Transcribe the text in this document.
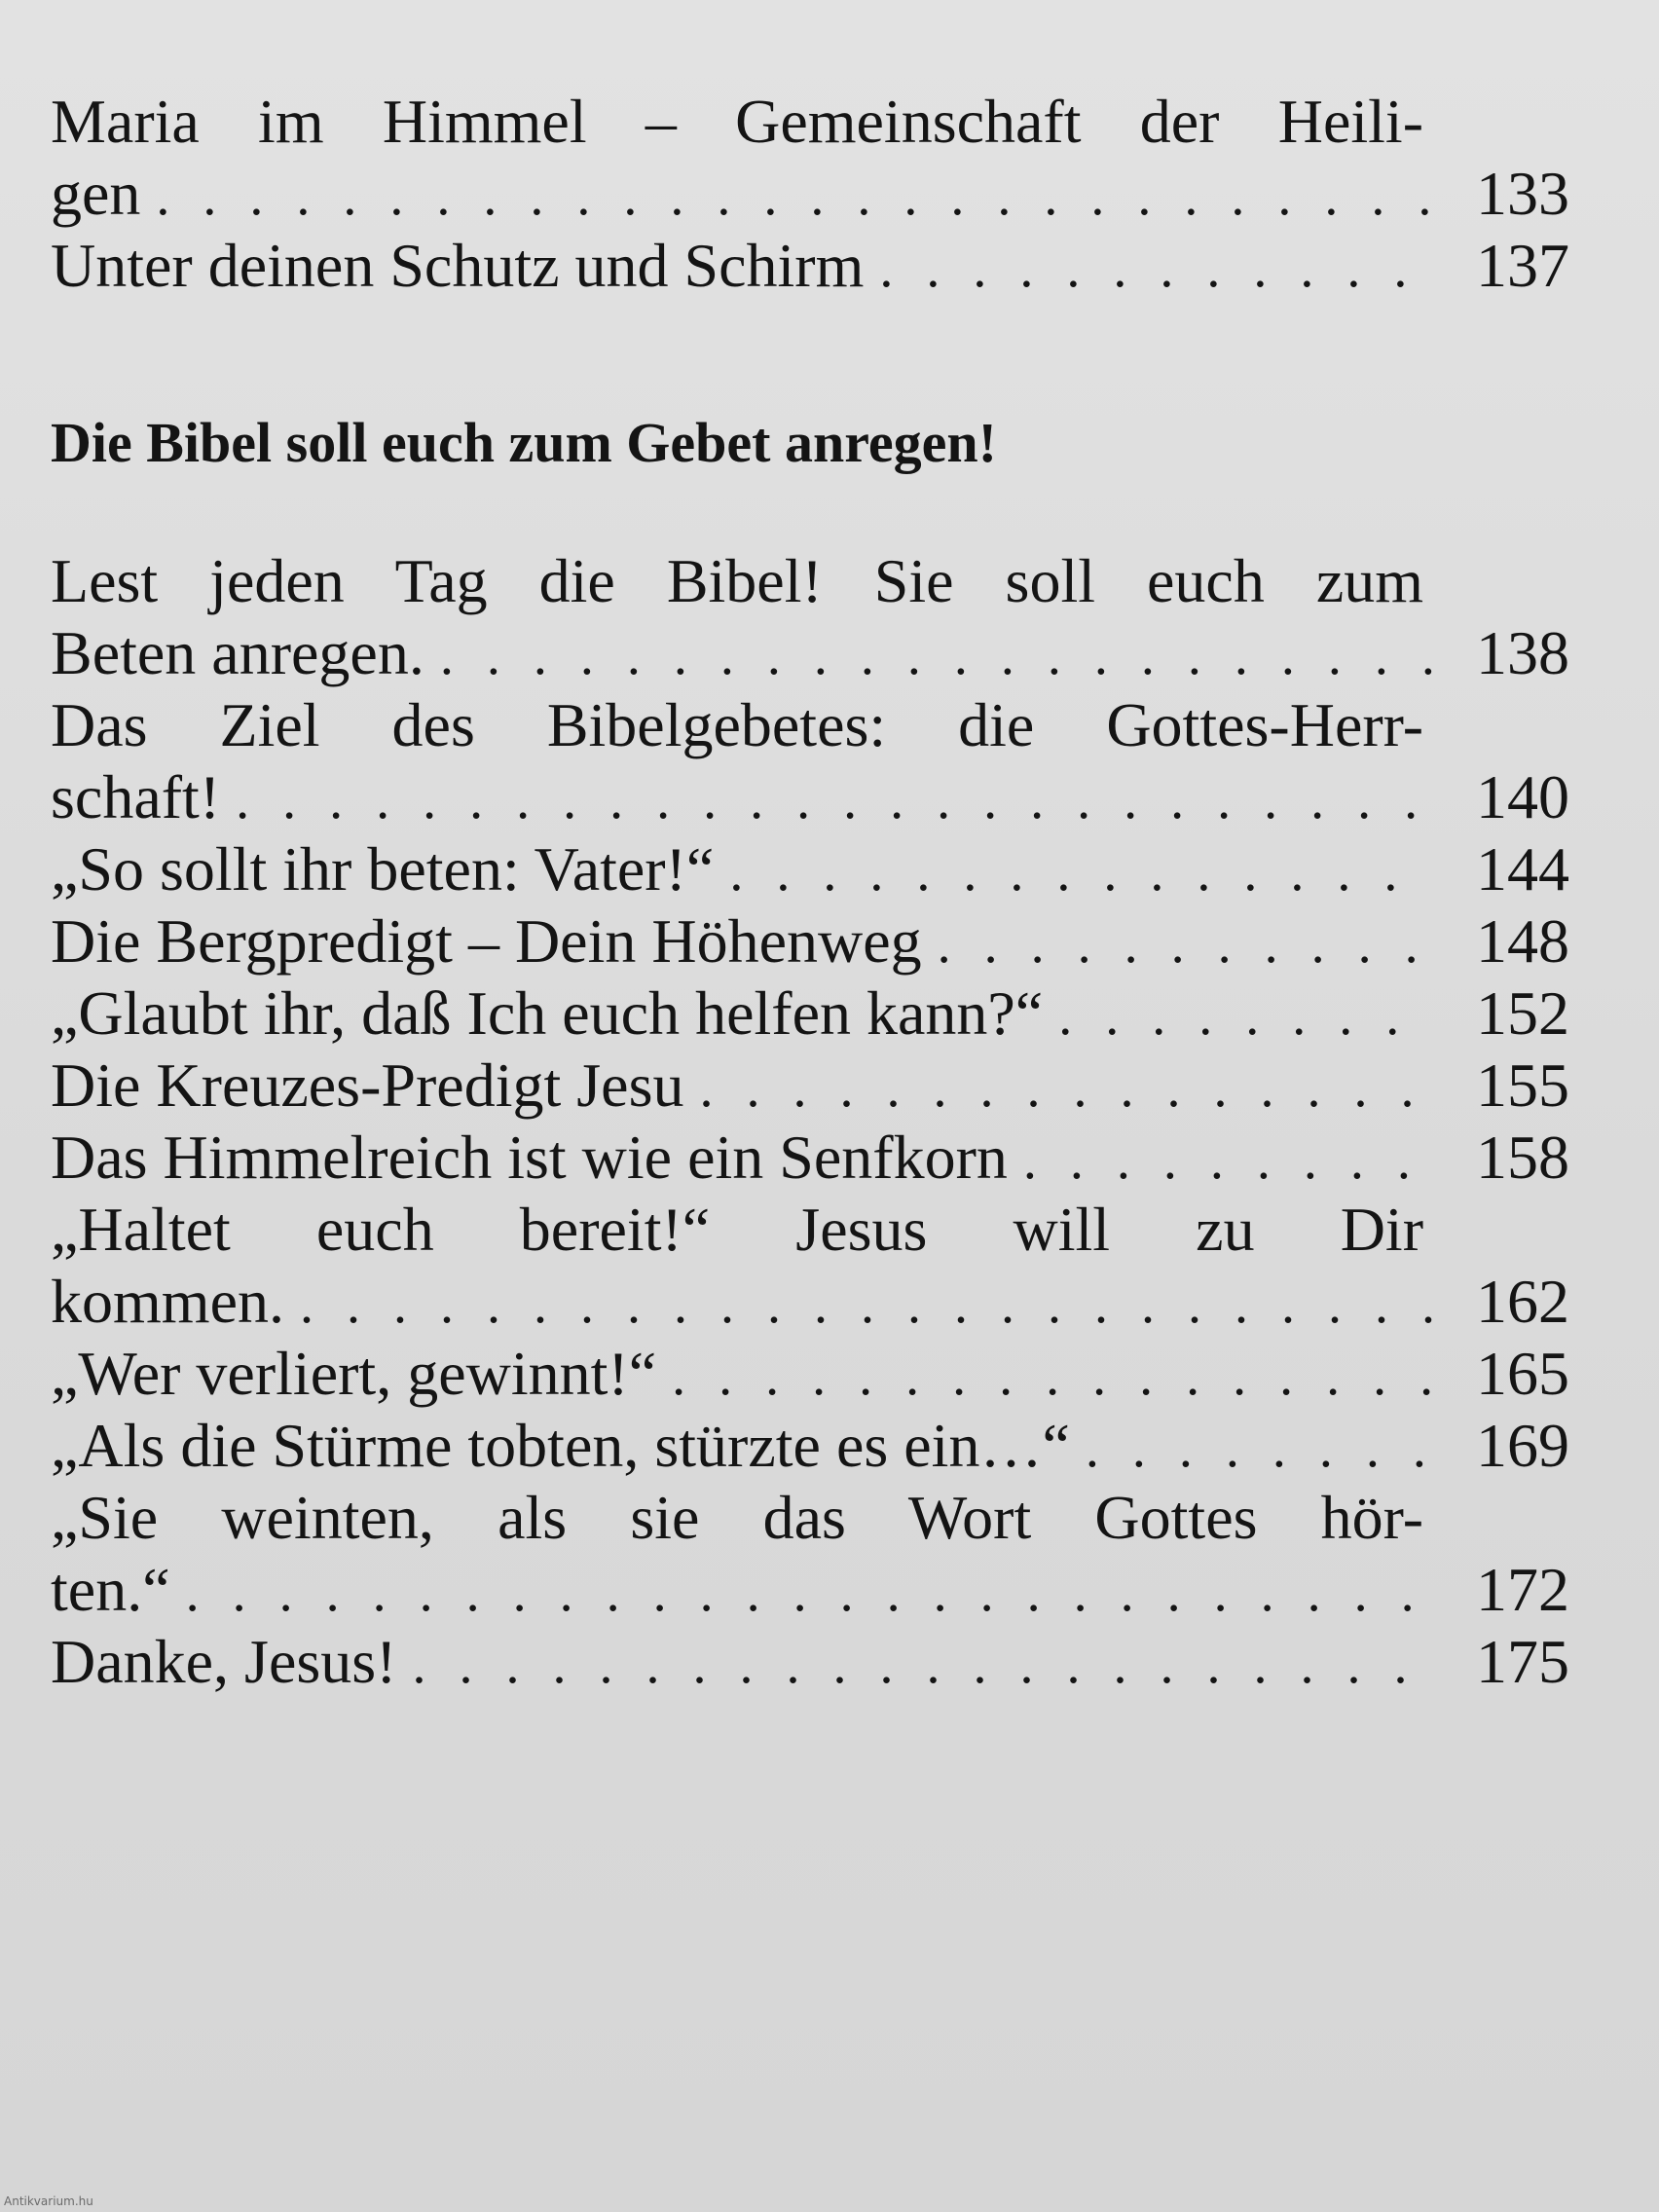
Maria im Himmel – Gemeinschaft der Heili-
gen . . .	133
Unter deinen Schutz und Schirm . . .	137
Die Bibel soll euch zum Gebet anregen!
Lest jeden Tag die Bibel! Sie soll euch zum
Beten anregen. . . .	138
Das Ziel des Bibelgebetes: die Gottes-Herr-
schaft! . . .	140
„So sollt ihr beten: Vater!“ . . .	144
Die Bergpredigt – Dein Höhenweg . . .	148
„Glaubt ihr, daß Ich euch helfen kann?“ . . .	152
Die Kreuzes-Predigt Jesu . . .	155
Das Himmelreich ist wie ein Senfkorn . . .	158
„Haltet euch bereit!“ Jesus will zu Dir
kommen. . . .	162
„Wer verliert, gewinnt!“ . . .	165
„Als die Stürme tobten, stürzte es ein…“ . . .	169
„Sie weinten, als sie das Wort Gottes hör-
ten.“ . . .	172
Danke, Jesus! . . .	175
Antikvarium.hu
